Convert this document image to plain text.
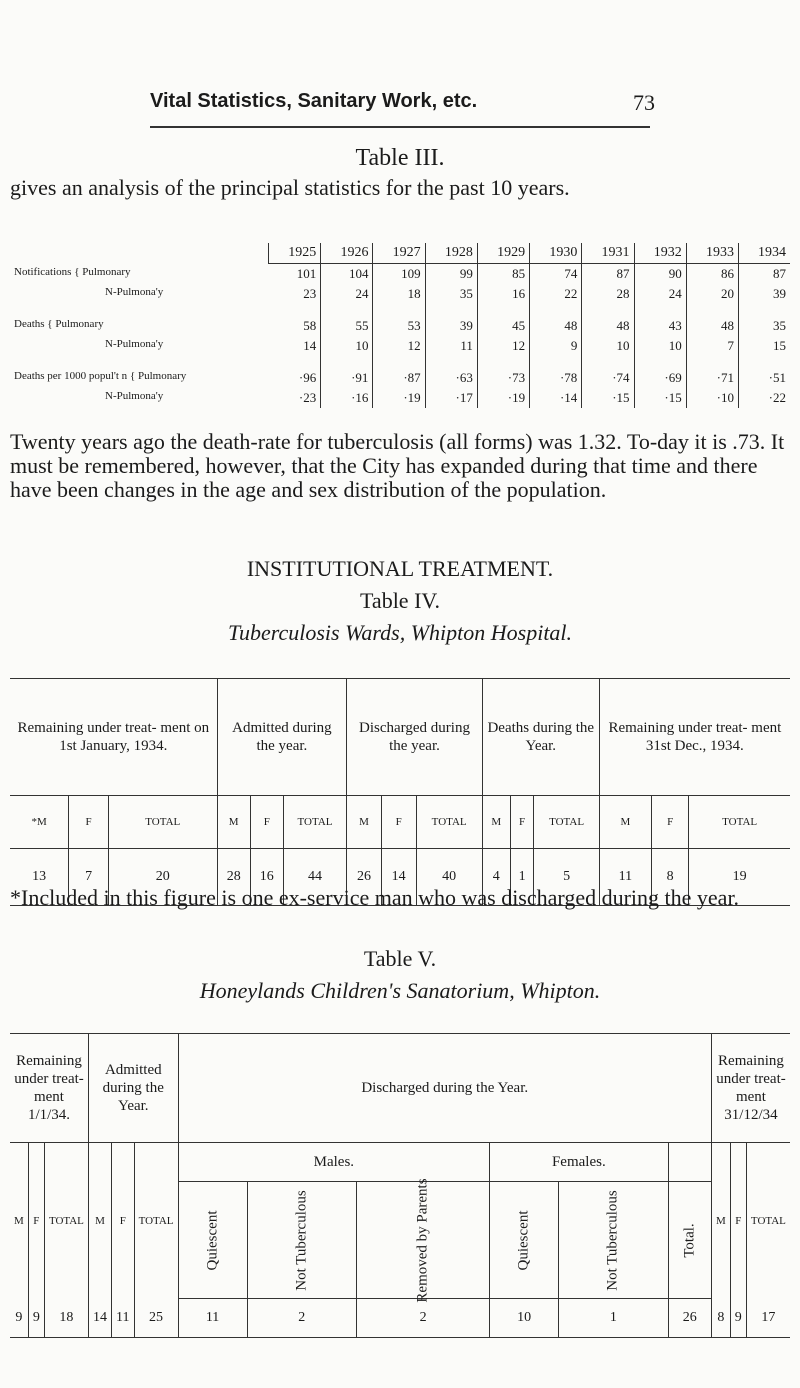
Vital Statistics, Sanitary Work, etc.	73
Table III.
gives an analysis of the principal statistics for the past 10 years.
	1925	1926	1927	1928	1929	1930	1931	1932	1933	1934
Notifications { Pulmonary	101	104	109	99	85	74	87	90	86	87
N-Pulmona'y	23	24	18	35	16	22	28	24	20	39
Deaths { Pulmonary	58	55	53	39	45	48	48	43	48	35
N-Pulmona'y	14	10	12	11	12	9	10	10	7	15
Deaths per 1000 popul't n { Pulmonary	·96	·91	·87	·63	·73	·78	·74	·69	·71	·51
N-Pulmona'y	·23	·16	·19	·17	·19	·14	·15	·15	·10	·22
Twenty years ago the death-rate for tuberculosis (all forms) was 1.32. To-day it is .73. It must be remembered, however, that the City has expanded during that time and there have been changes in the age and sex distribution of the population.
INSTITUTIONAL TREATMENT.
Table IV.
Tuberculosis Wards, Whipton Hospital.
Remaining under treat- ment on 1st January, 1934.			Admitted during the year.			Discharged during the year.			Deaths during the Year.			Remaining under treat- ment 31st Dec., 1934.		
*M	F	TOTAL	M	F	TOTAL	M	F	TOTAL	M	F	TOTAL	M	F	TOTAL
13	7	20	28	16	44	26	14	40	4	1	5	11	8	19
*Included in this figure is one ex-service man who was discharged during the year.
Table V.
Honeylands Children's Sanatorium, Whipton.
Remaining under treat- ment 1/1/34.			Admitted during the Year.			Discharged during the Year.						Remaining under treat- ment 31/12/34		
M	F	TOTAL	M	F	TOTAL	Males.			Females.			M	F	TOTAL
						Quiescent	Not Tuberculous	Removed by Parents	Quiescent	Not Tuberculous	Total.			
9	9	18	14	11	25	11	2	2	10	1	26	8	9	17
